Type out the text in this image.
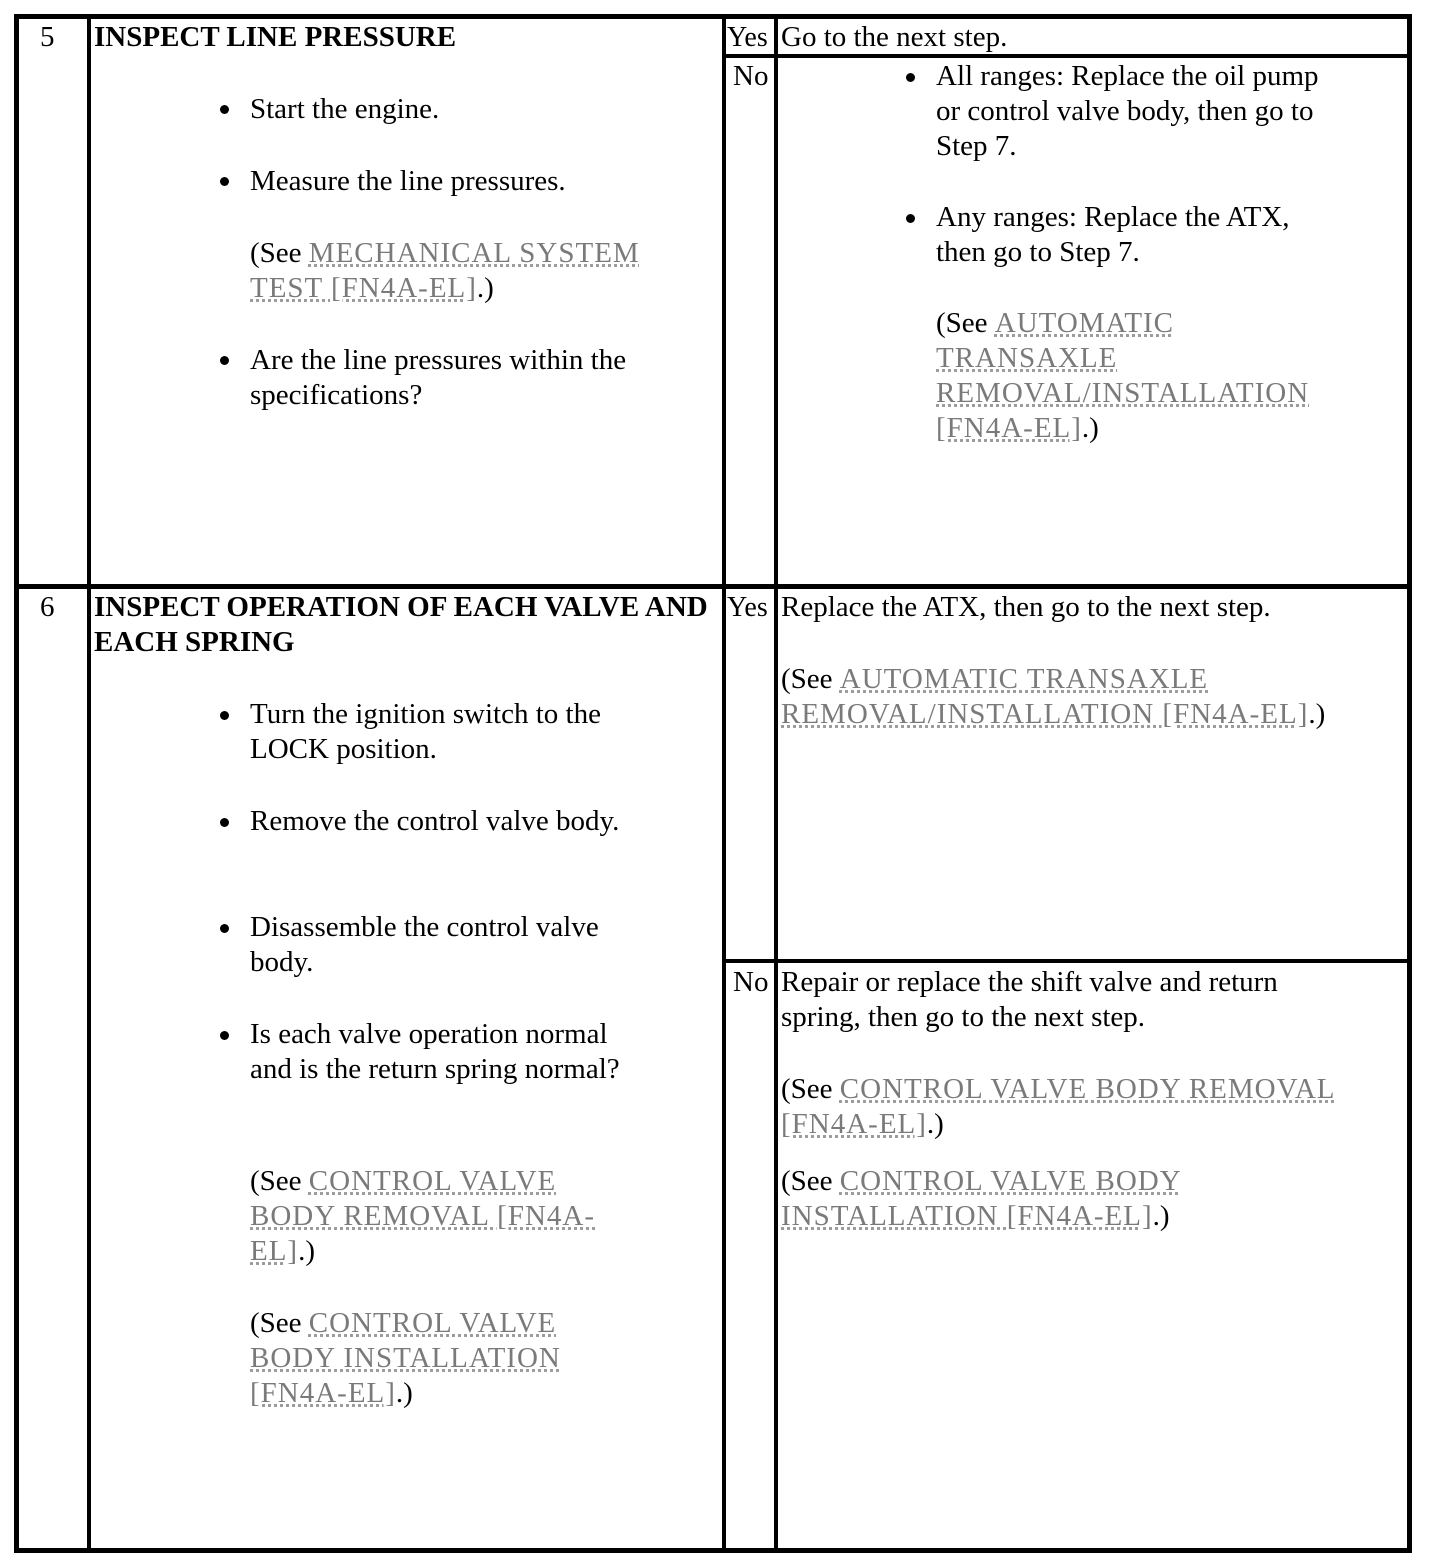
5 INSPECT LINE PRESSURE
Start the engine.
Measure the line pressures.
(See MECHANICAL SYSTEM TEST [FN4A-EL].)
Are the line pressures within the specifications?
Yes Go to the next step.
No	All ranges: Replace the oil pump or control valve body, then go to Step 7.
Any ranges: Replace the ATX, then go to Step 7.
(See AUTOMATIC TRANSAXLE REMOVAL/INSTALLATION [FN4A-EL].)
6 INSPECT OPERATION OF EACH VALVE AND EACH SPRING
Turn the ignition switch to the LOCK position.
Remove the control valve body.
Disassemble the control valve body.
Is each valve operation normal and is the return spring normal?
(See CONTROL VALVE BODY REMOVAL [FN4A-EL].)
(See CONTROL VALVE BODY INSTALLATION [FN4A-EL].)
Yes Replace the ATX, then go to the next step.
(See AUTOMATIC TRANSAXLE REMOVAL/INSTALLATION [FN4A-EL].)
No Repair or replace the shift valve and return spring, then go to the next step.
(See CONTROL VALVE BODY REMOVAL [FN4A-EL].)
(See CONTROL VALVE BODY INSTALLATION [FN4A-EL].)
